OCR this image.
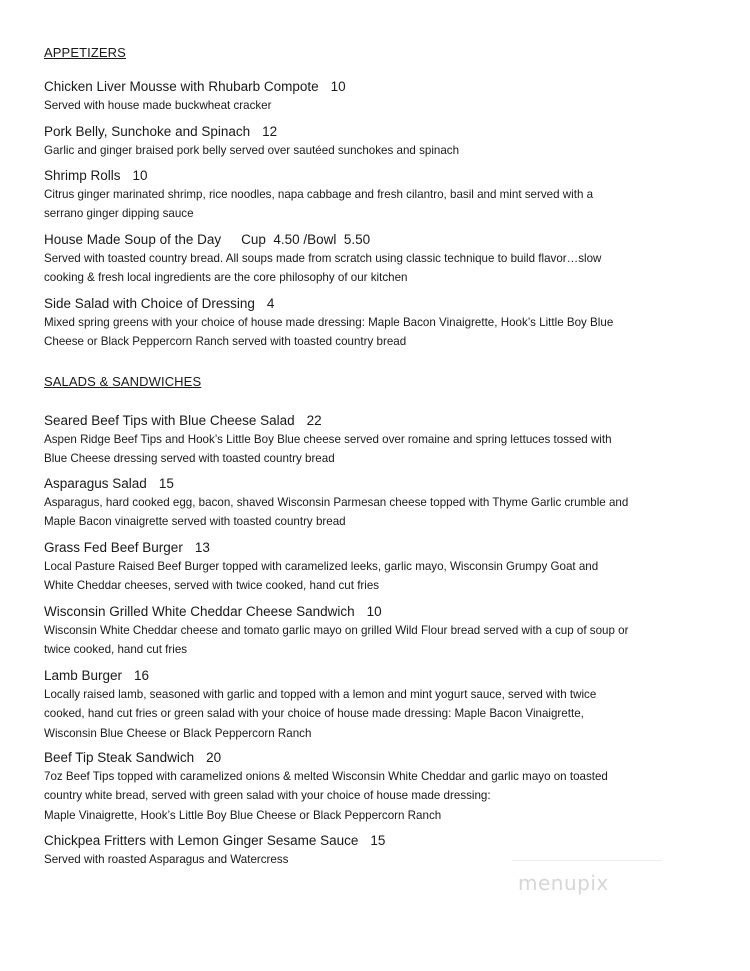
APPETIZERS
Chicken Liver Mousse with Rhubarb Compote 10
Served with house made buckwheat cracker
Pork Belly, Sunchoke and Spinach 12
Garlic and ginger braised pork belly served over sautéed sunchokes and spinach
Shrimp Rolls 10
Citrus ginger marinated shrimp, rice noodles, napa cabbage and fresh cilantro, basil and mint served with a
serrano ginger dipping sauce
House Made Soup of the Day Cup  4.50 /Bowl  5.50
Served with toasted country bread. All soups made from scratch using classic technique to build flavor…slow
cooking & fresh local ingredients are the core philosophy of our kitchen
Side Salad with Choice of Dressing 4
Mixed spring greens with your choice of house made dressing: Maple Bacon Vinaigrette, Hook’s Little Boy Blue
Cheese or Black Peppercorn Ranch served with toasted country bread
SALADS & SANDWICHES
Seared Beef Tips with Blue Cheese Salad 22
Aspen Ridge Beef Tips and Hook’s Little Boy Blue cheese served over romaine and spring lettuces tossed with
Blue Cheese dressing served with toasted country bread
Asparagus Salad 15
Asparagus, hard cooked egg, bacon, shaved Wisconsin Parmesan cheese topped with Thyme Garlic crumble and
Maple Bacon vinaigrette served with toasted country bread
Grass Fed Beef Burger 13
Local Pasture Raised Beef Burger topped with caramelized leeks, garlic mayo, Wisconsin Grumpy Goat and
White Cheddar cheeses, served with twice cooked, hand cut fries
Wisconsin Grilled White Cheddar Cheese Sandwich 10
Wisconsin White Cheddar cheese and tomato garlic mayo on grilled Wild Flour bread served with a cup of soup or
twice cooked, hand cut fries
Lamb Burger 16
Locally raised lamb, seasoned with garlic and topped with a lemon and mint yogurt sauce, served with twice
cooked, hand cut fries or green salad with your choice of house made dressing: Maple Bacon Vinaigrette,
Wisconsin Blue Cheese or Black Peppercorn Ranch
Beef Tip Steak Sandwich 20
7oz Beef Tips topped with caramelized onions & melted Wisconsin White Cheddar and garlic mayo on toasted
country white bread, served with green salad with your choice of house made dressing:
Maple Vinaigrette, Hook’s Little Boy Blue Cheese or Black Peppercorn Ranch
Chickpea Fritters with Lemon Ginger Sesame Sauce 15
Served with roasted Asparagus and Watercress
menupix
